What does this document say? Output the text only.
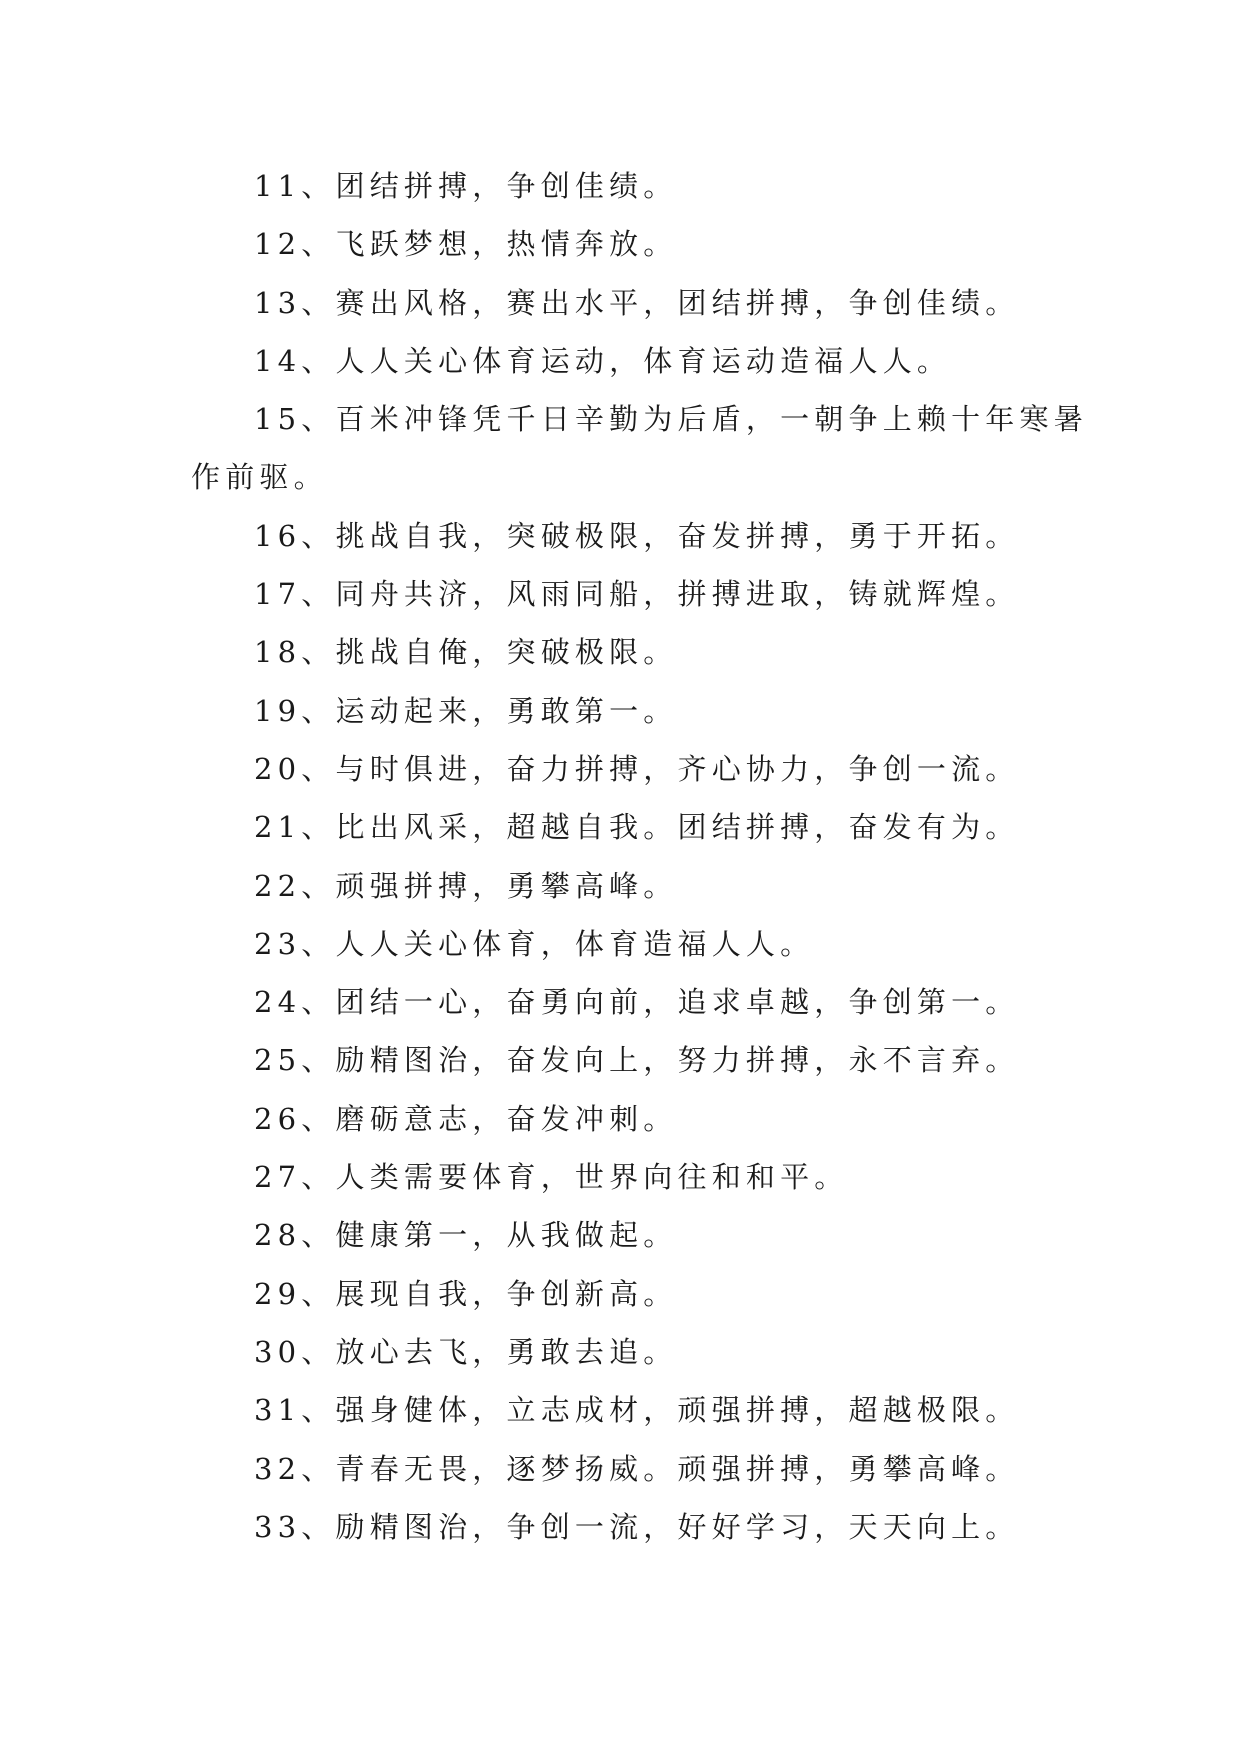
11、团结拼搏，争创佳绩。
12、飞跃梦想，热情奔放。
13、赛出风格，赛出水平，团结拼搏，争创佳绩。
14、人人关心体育运动，体育运动造福人人。
15、百米冲锋凭千日辛勤为后盾，一朝争上赖十年寒暑
作前驱。
16、挑战自我，突破极限，奋发拼搏，勇于开拓。
17、同舟共济，风雨同船，拼搏进取，铸就辉煌。
18、挑战自俺，突破极限。
19、运动起来，勇敢第一。
20、与时俱进，奋力拼搏，齐心协力，争创一流。
21、比出风采，超越自我。团结拼搏，奋发有为。
22、顽强拼搏，勇攀高峰。
23、人人关心体育，体育造福人人。
24、团结一心，奋勇向前，追求卓越，争创第一。
25、励精图治，奋发向上，努力拼搏，永不言弃。
26、磨砺意志，奋发冲刺。
27、人类需要体育，世界向往和和平。
28、健康第一，从我做起。
29、展现自我，争创新高。
30、放心去飞，勇敢去追。
31、强身健体，立志成材，顽强拼搏，超越极限。
32、青春无畏，逐梦扬威。顽强拼搏，勇攀高峰。
33、励精图治，争创一流，好好学习，天天向上。
